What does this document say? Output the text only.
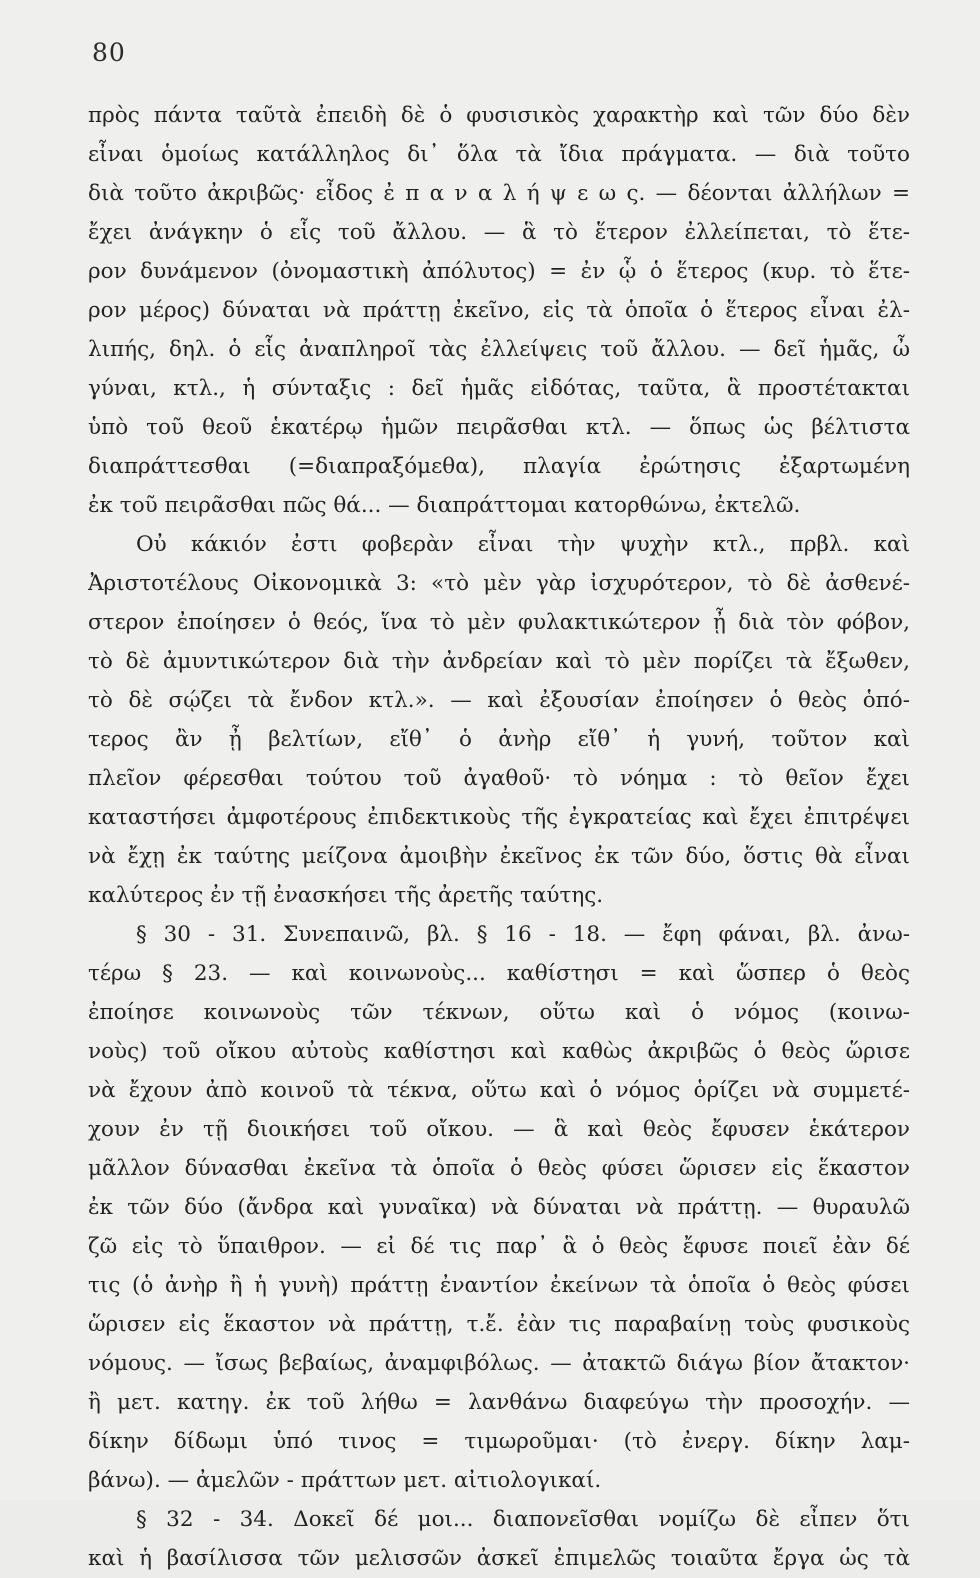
80
πρὸς πάντα ταῦτὰ ἐπειδὴ δὲ ὁ φυσισικὸς χαρακτὴρ καὶ τῶν δύο δὲν
εἶναι ὁμοίως κατάλληλος δι᾽ ὅλα τὰ ἴδια πράγματα. — διὰ τοῦτο
διὰ τοῦτο ἀκριβῶς· εἶδος ἐ π α ν α λ ή ψ ε ω ς. — δέονται ἀλλήλων =
ἔχει ἀνάγκην ὁ εἷς τοῦ ἄλλου. — ἃ τὸ ἕτερον ἐλλείπεται, τὸ ἕτε-
ρον δυνάμενον (ὀνομαστικὴ ἀπόλυτος) = ἐν ᾧ ὁ ἕτερος (κυρ. τὸ ἕτε-
ρον μέρος) δύναται νὰ πράττῃ ἐκεῖνο, εἰς τὰ ὁποῖα ὁ ἕτερος εἶναι ἐλ-
λιπής, δηλ. ὁ εἷς ἀναπληροῖ τὰς ἐλλείψεις τοῦ ἄλλου. — δεῖ ἡμᾶς, ὦ
γύναι, κτλ., ἡ σύνταξις : δεῖ ἡμᾶς εἰδότας, ταῦτα, ἃ προστέτακται
ὑπὸ τοῦ θεοῦ ἑκατέρῳ ἡμῶν πειρᾶσθαι κτλ. — ὅπως ὡς βέλτιστα
διαπράττεσθαι (=διαπραξόμεθα), πλαγία ἐρώτησις ἐξαρτωμένη
ἐκ τοῦ πειρᾶσθαι πῶς θά... — διαπράττομαι κατορθώνω, ἐκτελῶ.
Οὐ κάκιόν ἐστι φοβερὰν εἶναι τὴν ψυχὴν κτλ., πρβλ. καὶ
Ἀριστοτέλους Οἰκονομικὰ 3: «τὸ μὲν γὰρ ἰσχυρότερον, τὸ δὲ ἀσθενέ-
στερον ἐποίησεν ὁ θεός, ἵνα τὸ μὲν φυλακτικώτερον ᾖ διὰ τὸν φόβον,
τὸ δὲ ἀμυντικώτερον διὰ τὴν ἀνδρείαν καὶ τὸ μὲν πορίζει τὰ ἔξωθεν,
τὸ δὲ σῴζει τὰ ἔνδον κτλ.». — καὶ ἐξουσίαν ἐποίησεν ὁ θεὸς ὁπό-
τερος ἂν ᾖ βελτίων, εἴθ᾽ ὁ ἀνὴρ εἴθ᾽ ἡ γυνή, τοῦτον καὶ
πλεῖον φέρεσθαι τούτου τοῦ ἀγαθοῦ· τὸ νόημα : τὸ θεῖον ἔχει
καταστήσει ἀμφοτέρους ἐπιδεκτικοὺς τῆς ἐγκρατείας καὶ ἔχει ἐπιτρέψει
νὰ ἔχῃ ἐκ ταύτης μείζονα ἀμοιβὴν ἐκεῖνος ἐκ τῶν δύο, ὅστις θὰ εἶναι
καλύτερος ἐν τῇ ἐνασκήσει τῆς ἀρετῆς ταύτης.
§ 30 - 31. Συνεπαινῶ, βλ. § 16 - 18. — ἔφη φάναι, βλ. ἀνω-
τέρω § 23. — καὶ κοινωνοὺς... καθίστησι = καὶ ὥσπερ ὁ θεὸς
ἐποίησε κοινωνοὺς τῶν τέκνων, οὕτω καὶ ὁ νόμος (κοινω-
νοὺς) τοῦ οἴκου αὐτοὺς καθίστησι καὶ καθὼς ἀκριβῶς ὁ θεὸς ὥρισε
νὰ ἔχουν ἀπὸ κοινοῦ τὰ τέκνα, οὕτω καὶ ὁ νόμος ὁρίζει νὰ συμμετέ-
χουν ἐν τῇ διοικήσει τοῦ οἴκου. — ἃ καὶ θεὸς ἔφυσεν ἑκάτερον
μᾶλλον δύνασθαι ἐκεῖνα τὰ ὁποῖα ὁ θεὸς φύσει ὥρισεν εἰς ἕκαστον
ἐκ τῶν δύο (ἄνδρα καὶ γυναῖκα) νὰ δύναται νὰ πράττῃ. — θυραυλῶ
ζῶ εἰς τὸ ὕπαιθρον. — εἰ δέ τις παρ᾽ ἃ ὁ θεὸς ἔφυσε ποιεῖ ἐὰν δέ
τις (ὁ ἀνὴρ ἢ ἡ γυνὴ) πράττῃ ἐναντίον ἐκείνων τὰ ὁποῖα ὁ θεὸς φύσει
ὥρισεν εἰς ἕκαστον νὰ πράττῃ, τ.ἔ. ἐὰν τις παραβαίνῃ τοὺς φυσικοὺς
νόμους. — ἴσως βεβαίως, ἀναμφιβόλως. — ἀτακτῶ διάγω βίον ἄτακτον·
ἢ μετ. κατηγ. ἐκ τοῦ λήθω = λανθάνω διαφεύγω τὴν προσοχήν. —
δίκην δίδωμι ὑπό τινος = τιμωροῦμαι· (τὸ ἐνεργ. δίκην λαμ-
βάνω). — ἀμελῶν - πράττων μετ. αἰτιολογικαί.
§ 32 - 34. Δοκεῖ δέ μοι... διαπονεῖσθαι νομίζω δὲ εἶπεν ὅτι
καὶ ἡ βασίλισσα τῶν μελισσῶν ἀσκεῖ ἐπιμελῶς τοιαῦτα ἔργα ὡς τὰ
